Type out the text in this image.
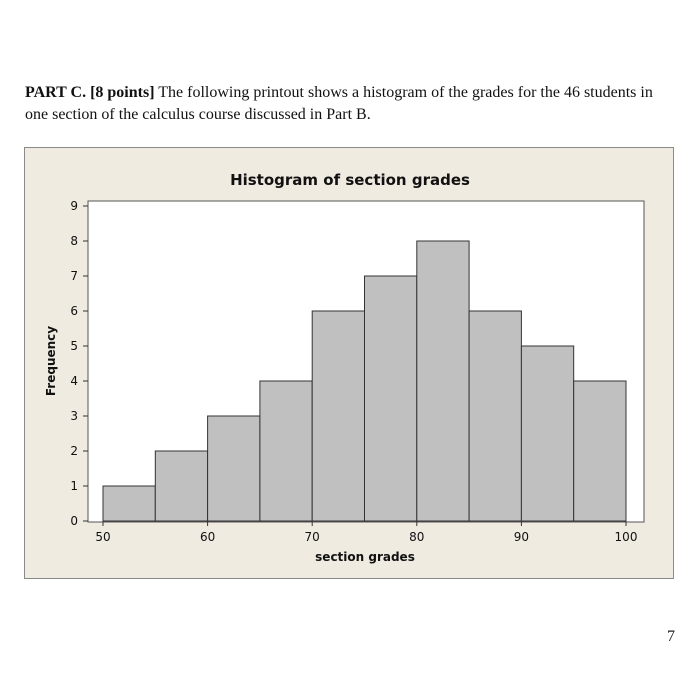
PART C. [8 points] The following printout shows a histogram of the grades for the 46 students in one section of the calculus course discussed in Part B.
Histogram of section grades
0
1
2
3
4
5
6
7
8
9
50	60	70	80	90	100
section grades
Frequency
7
